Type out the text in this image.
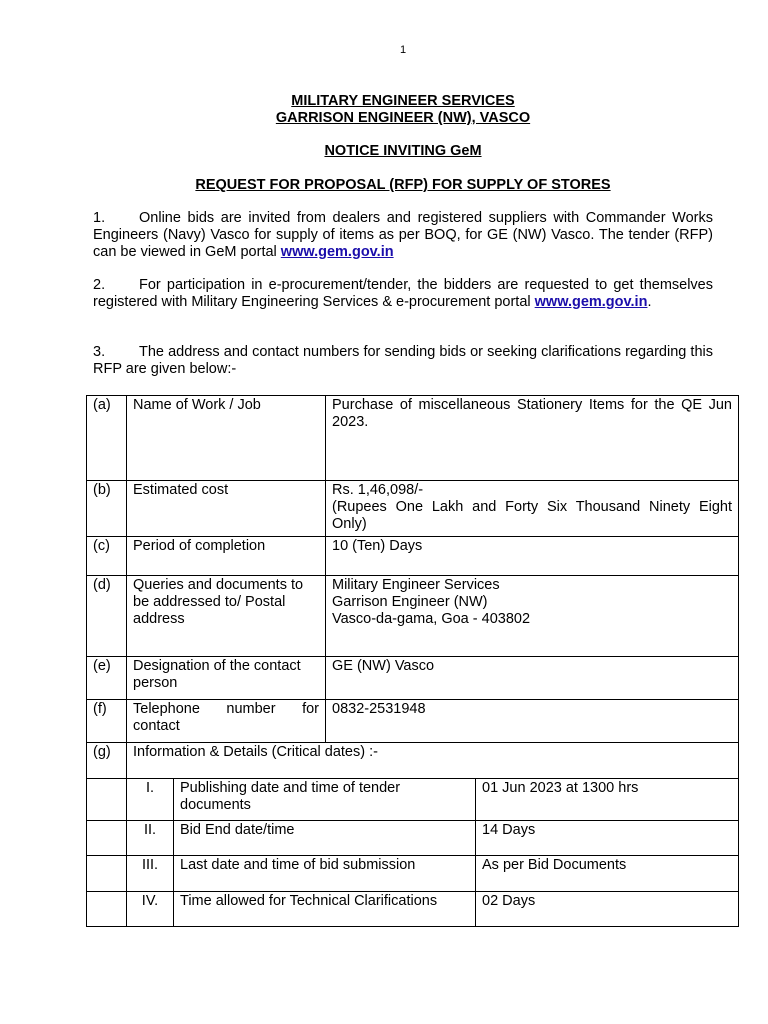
1
MILITARY ENGINEER SERVICES
GARRISON ENGINEER (NW), VASCO
NOTICE INVITING GeM
REQUEST FOR PROPOSAL (RFP) FOR SUPPLY OF STORES
1. Online bids are invited from dealers and registered suppliers with Commander Works Engineers (Navy) Vasco for supply of items as per BOQ, for GE (NW) Vasco. The tender (RFP) can be viewed in GeM portal www.gem.gov.in
2. For participation in e-procurement/tender, the bidders are requested to get themselves registered with Military Engineering Services & e-procurement portal www.gem.gov.in.
3. The address and contact numbers for sending bids or seeking clarifications regarding this RFP are given below:-
(a)	Name of Work / Job	Purchase of miscellaneous Stationery Items for the QE Jun 2023.
(b)	Estimated cost	Rs. 1,46,098/-
(Rupees One Lakh and Forty Six Thousand Ninety Eight Only)

(c)	Period of completion	10 (Ten) Days
(d)	Queries and documents to be addressed to/ Postal address	Military Engineer Services
Garrison Engineer (NW)
Vasco-da-gama, Goa - 403802

(e)	Designation of the contact person	GE (NW) Vasco
(f)	Telephone number for contact	0832-2531948
(g)	Information & Details (Critical dates) :-	
	I.	Publishing date and time of tender documents	01 Jun 2023 at 1300 hrs
	II.	Bid End date/time	14 Days
	III.	Last date and time of bid submission	As per Bid Documents
	IV.	Time allowed for Technical Clarifications	02 Days
